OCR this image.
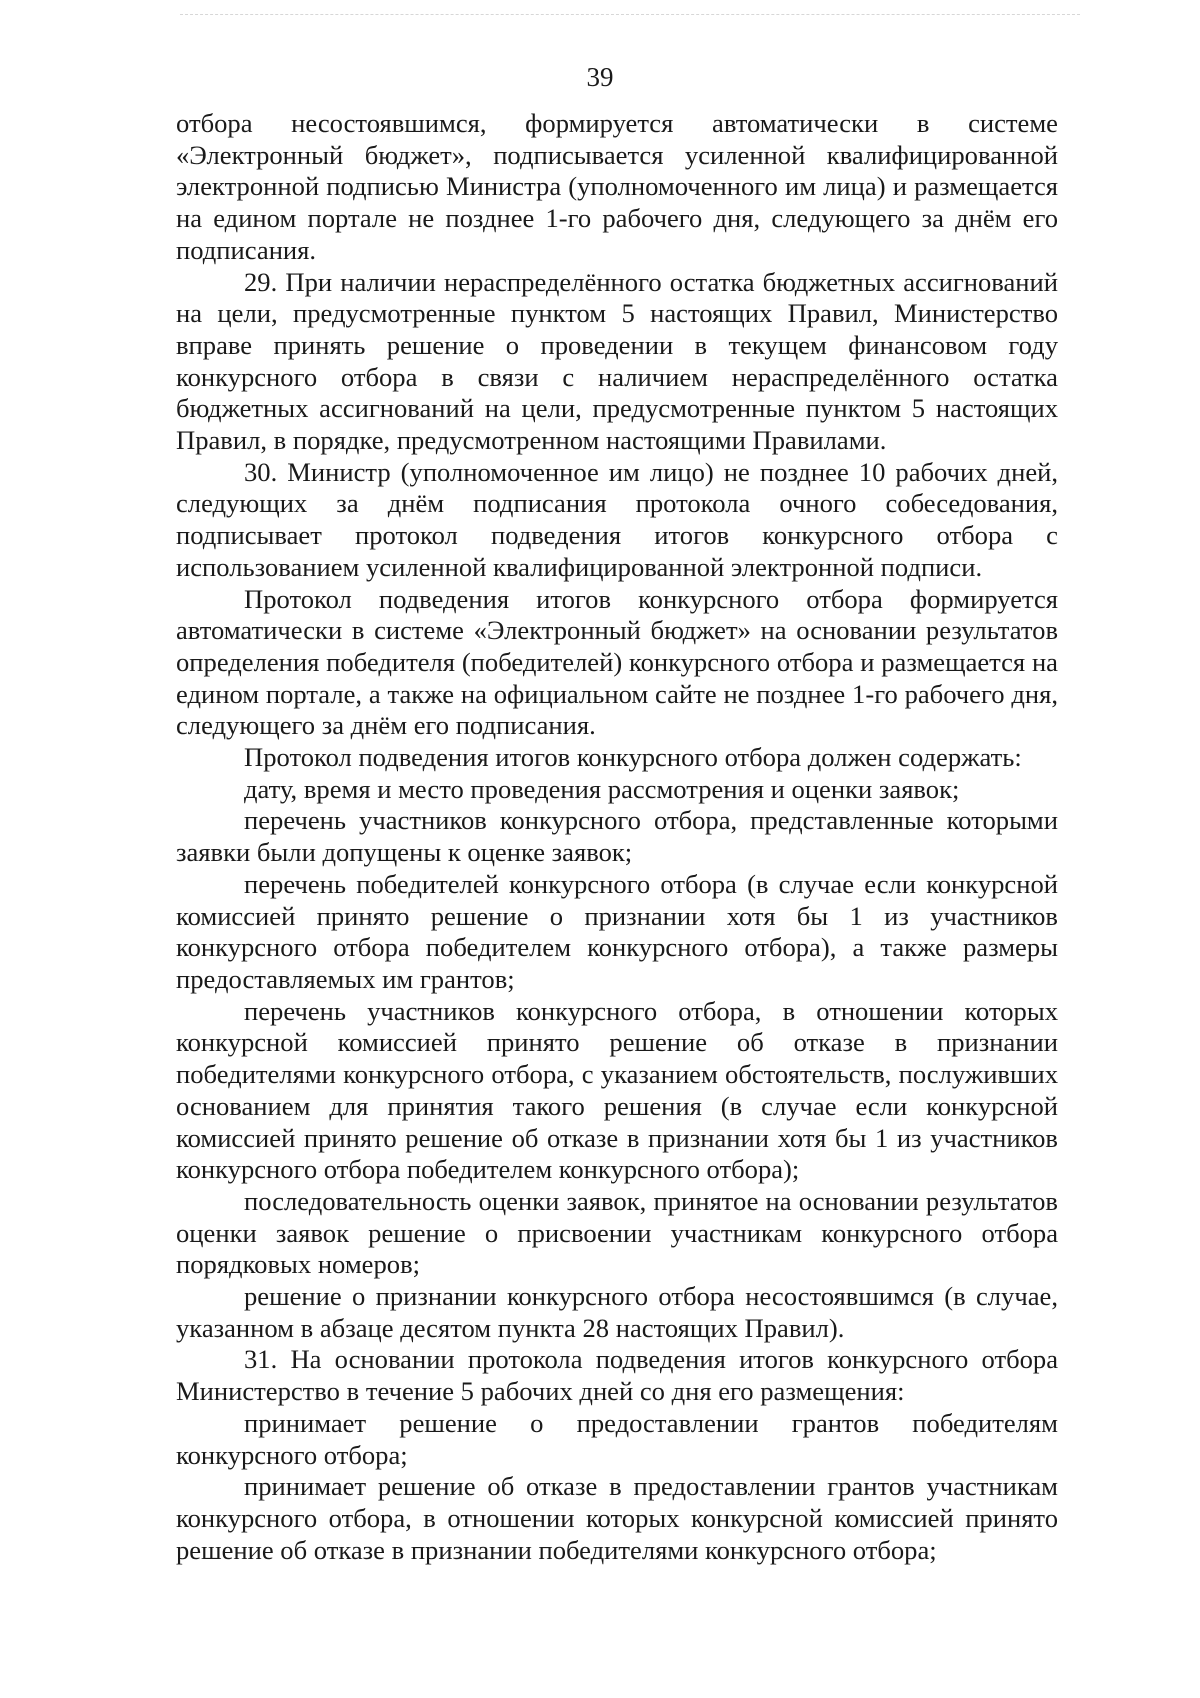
39

отбора несостоявшимся, формируется автоматически в системе «Электронный бюджет», подписывается усиленной квалифицированной электронной подписью Министра (уполномоченного им лица) и размещается на едином портале не позднее 1-го рабочего дня, следующего за днём его подписания.

29. При наличии нераспределённого остатка бюджетных ассигнований на цели, предусмотренные пунктом 5 настоящих Правил, Министерство вправе принять решение о проведении в текущем финансовом году конкурсного отбора в связи с наличием нераспределённого остатка бюджетных ассигнований на цели, предусмотренные пунктом 5 настоящих Правил, в порядке, предусмотренном настоящими Правилами.

30. Министр (уполномоченное им лицо) не позднее 10 рабочих дней, следующих за днём подписания протокола очного собеседования, подписывает протокол подведения итогов конкурсного отбора с использованием усиленной квалифицированной электронной подписи.

Протокол подведения итогов конкурсного отбора формируется автоматически в системе «Электронный бюджет» на основании результатов определения победителя (победителей) конкурсного отбора и размещается на едином портале, а также на официальном сайте не позднее 1-го рабочего дня, следующего за днём его подписания.

Протокол подведения итогов конкурсного отбора должен содержать:

дату, время и место проведения рассмотрения и оценки заявок;

перечень участников конкурсного отбора, представленные которыми заявки были допущены к оценке заявок;

перечень победителей конкурсного отбора (в случае если конкурсной комиссией принято решение о признании хотя бы 1 из участников конкурсного отбора победителем конкурсного отбора), а также размеры предоставляемых им грантов;

перечень участников конкурсного отбора, в отношении которых конкурсной комиссией принято решение об отказе в признании победителями конкурсного отбора, с указанием обстоятельств, послуживших основанием для принятия такого решения (в случае если конкурсной комиссией принято решение об отказе в признании хотя бы 1 из участников конкурсного отбора победителем конкурсного отбора);

последовательность оценки заявок, принятое на основании результатов оценки заявок решение о присвоении участникам конкурсного отбора порядковых номеров;

решение о признании конкурсного отбора несостоявшимся (в случае, указанном в абзаце десятом пункта 28 настоящих Правил).

31. На основании протокола подведения итогов конкурсного отбора Министерство в течение 5 рабочих дней со дня его размещения:

принимает решение о предоставлении грантов победителям конкурсного отбора;

принимает решение об отказе в предоставлении грантов участникам конкурсного отбора, в отношении которых конкурсной комиссией принято решение об отказе в признании победителями конкурсного отбора;
